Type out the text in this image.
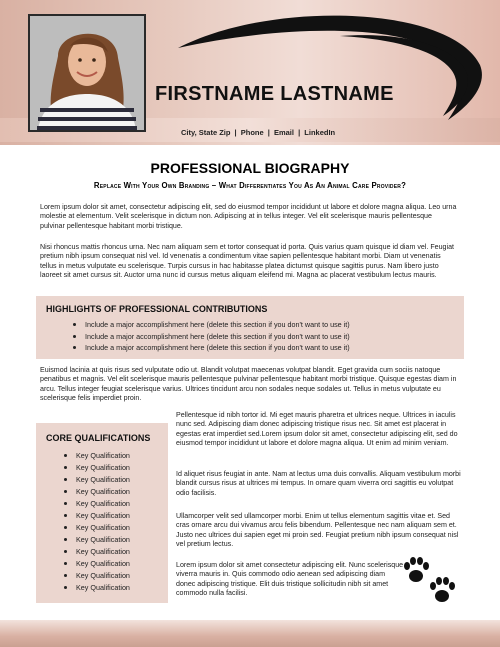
FIRSTNAME LASTNAME
City, State Zip | Phone | Email | LinkedIn
PROFESSIONAL BIOGRAPHY
Replace With Your Own Branding – What Differentiates You As An Animal Care Provider?

Lorem ipsum dolor sit amet, consectetur adipiscing elit, sed do eiusmod tempor incididunt ut labore et dolore magna aliqua. Leo urna molestie at elementum. Velit scelerisque in dictum non. Adipiscing at in tellus integer. Vel elit scelerisque mauris pellentesque pulvinar pellentesque habitant morbi tristique.

Nisi rhoncus mattis rhoncus urna. Nec nam aliquam sem et tortor consequat id porta. Quis varius quam quisque id diam vel. Feugiat pretium nibh ipsum consequat nisl vel. Id venenatis a condimentum vitae sapien pellentesque habitant morbi. Diam ut venenatis tellus in metus vulputate eu scelerisque. Turpis cursus in hac habitasse platea dictumst quisque sagittis purus. Nam libero justo laoreet sit amet cursus sit. Auctor urna nunc id cursus metus aliquam eleifend mi. Magna ac placerat vestibulum lectus mauris.

HIGHLIGHTS OF PROFESSIONAL CONTRIBUTIONS
Include a major accomplishment here (delete this section if you don't want to use it)
Include a major accomplishment here (delete this section if you don't want to use it)
Include a major accomplishment here (delete this section if you don't want to use it)

Euismod lacinia at quis risus sed vulputate odio ut. Blandit volutpat maecenas volutpat blandit. Eget gravida cum sociis natoque penatibus et magnis. Vel elit scelerisque mauris pellentesque pulvinar pellentesque habitant morbi tristique. Quisque egestas diam in arcu. Tellus integer feugiat scelerisque varius. Ultrices tincidunt arcu non sodales neque sodales ut. Tellus in metus vulputate eu scelerisque felis imperdiet proin.

CORE QUALIFICATIONS
Key Qualification
Key Qualification
Key Qualification
Key Qualification
Key Qualification
Key Qualification
Key Qualification
Key Qualification
Key Qualification
Key Qualification
Key Qualification
Key Qualification

Pellentesque id nibh tortor id. Mi eget mauris pharetra et ultrices neque. Ultrices in iaculis nunc sed. Adipiscing diam donec adipiscing tristique risus nec. Sit amet est placerat in egestas erat imperdiet sed.Lorem ipsum dolor sit amet, consectetur adipiscing elit, sed do eiusmod tempor incididunt ut labore et dolore magna aliqua. Ut enim ad minim veniam.

Id aliquet risus feugiat in ante. Nam at lectus urna duis convallis. Aliquam vestibulum morbi blandit cursus risus at ultrices mi tempus. In ornare quam viverra orci sagittis eu volutpat odio facilisis.

Ullamcorper velit sed ullamcorper morbi. Enim ut tellus elementum sagittis vitae et. Sed cras ornare arcu dui vivamus arcu felis bibendum. Pellentesque nec nam aliquam sem et. Justo nec ultrices dui sapien eget mi proin sed. Feugiat pretium nibh ipsum consequat nisl vel pretium lectus.

Lorem ipsum dolor sit amet consectetur adipiscing elit. Nunc scelerisque viverra mauris in. Quis commodo odio aenean sed adipiscing diam donec adipiscing tristique. Elit duis tristique sollicitudin nibh sit amet commodo nulla facilisi.
